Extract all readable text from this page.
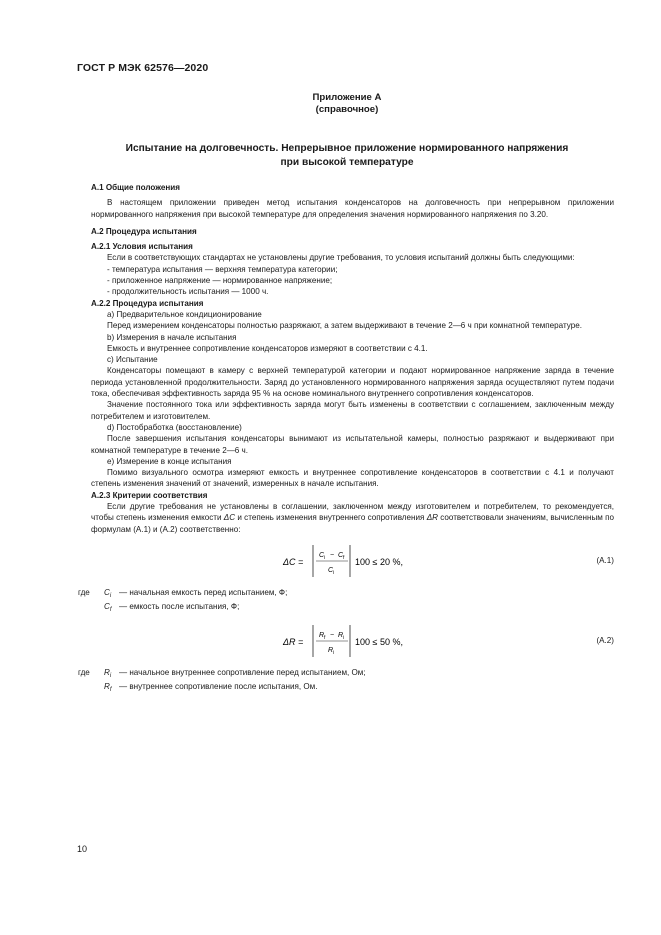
ГОСТ Р МЭК 62576—2020
Приложение А
(справочное)
Испытание на долговечность. Непрерывное приложение нормированного напряжения
при высокой температуре
А.1 Общие положения

В настоящем приложении приведен метод испытания конденсаторов на долговечность при непрерывном приложении нормированного напряжения при высокой температуре для определения значения нормированного напряжения по 3.20.

А.2 Процедура испытания
А.2.1 Условия испытания

Если в соответствующих стандартах не установлены другие требования, то условия испытаний должны быть следующими:

- температура испытания — верхняя температура категории;
- приложенное напряжение — нормированное напряжение;
- продолжительность испытания — 1000 ч.
А.2.2 Процедура испытания
a) Предварительное кондиционирование

Перед измерением конденсаторы полностью разряжают, а затем выдерживают в течение 2—6 ч при комнатной температуре.

b) Измерения в начале испытания

Емкость и внутреннее сопротивление конденсаторов измеряют в соответствии с 4.1.

c) Испытание

Конденсаторы помещают в камеру с верхней температурой категории и подают нормированное напряжение заряда в течение периода установленной продолжительности. Заряд до установленного нормированного напряжения заряда осуществляют путем подачи тока, обеспечивая эффективность заряда 95 % на основе номинального внутреннего сопротивления конденсаторов.

Значение постоянного тока или эффективность заряда могут быть изменены в соответствии с соглашением, заключенным между потребителем и изготовителем.

d) Постобработка (восстановление)

После завершения испытания конденсаторы вынимают из испытательной камеры, полностью разряжают и выдерживают при комнатной температуре в течение 2—6 ч.

e) Измерение в конце испытания

Помимо визуального осмотра измеряют емкость и внутреннее сопротивление конденсаторов в соответствии с 4.1 и получают степень изменения значений от значений, измеренных в начале испытания.

А.2.3 Критерии соответствия

Если другие требования не установлены в соглашении, заключенном между изготовителем и потребителем, то рекомендуется, чтобы степень изменения емкости ΔC и степень изменения внутреннего сопротивления ΔR соответствовали значениям, вычисленным по формулам (А.1) и (А.2) соответственно:

ΔC =
C i − C f
C i
100 ≤ 20 %,	(А.1)
где $C_i$ — начальная емкость перед испытанием, Ф;
$C_f$ — емкость после испытания, Ф;
ΔR =
R f − R i
R i
100 ≤ 50 %,	(А.2)
где $R_i$ — начальное внутреннее сопротивление перед испытанием, Ом;
$R_f$ — внутреннее сопротивление после испытания, Ом.
10
